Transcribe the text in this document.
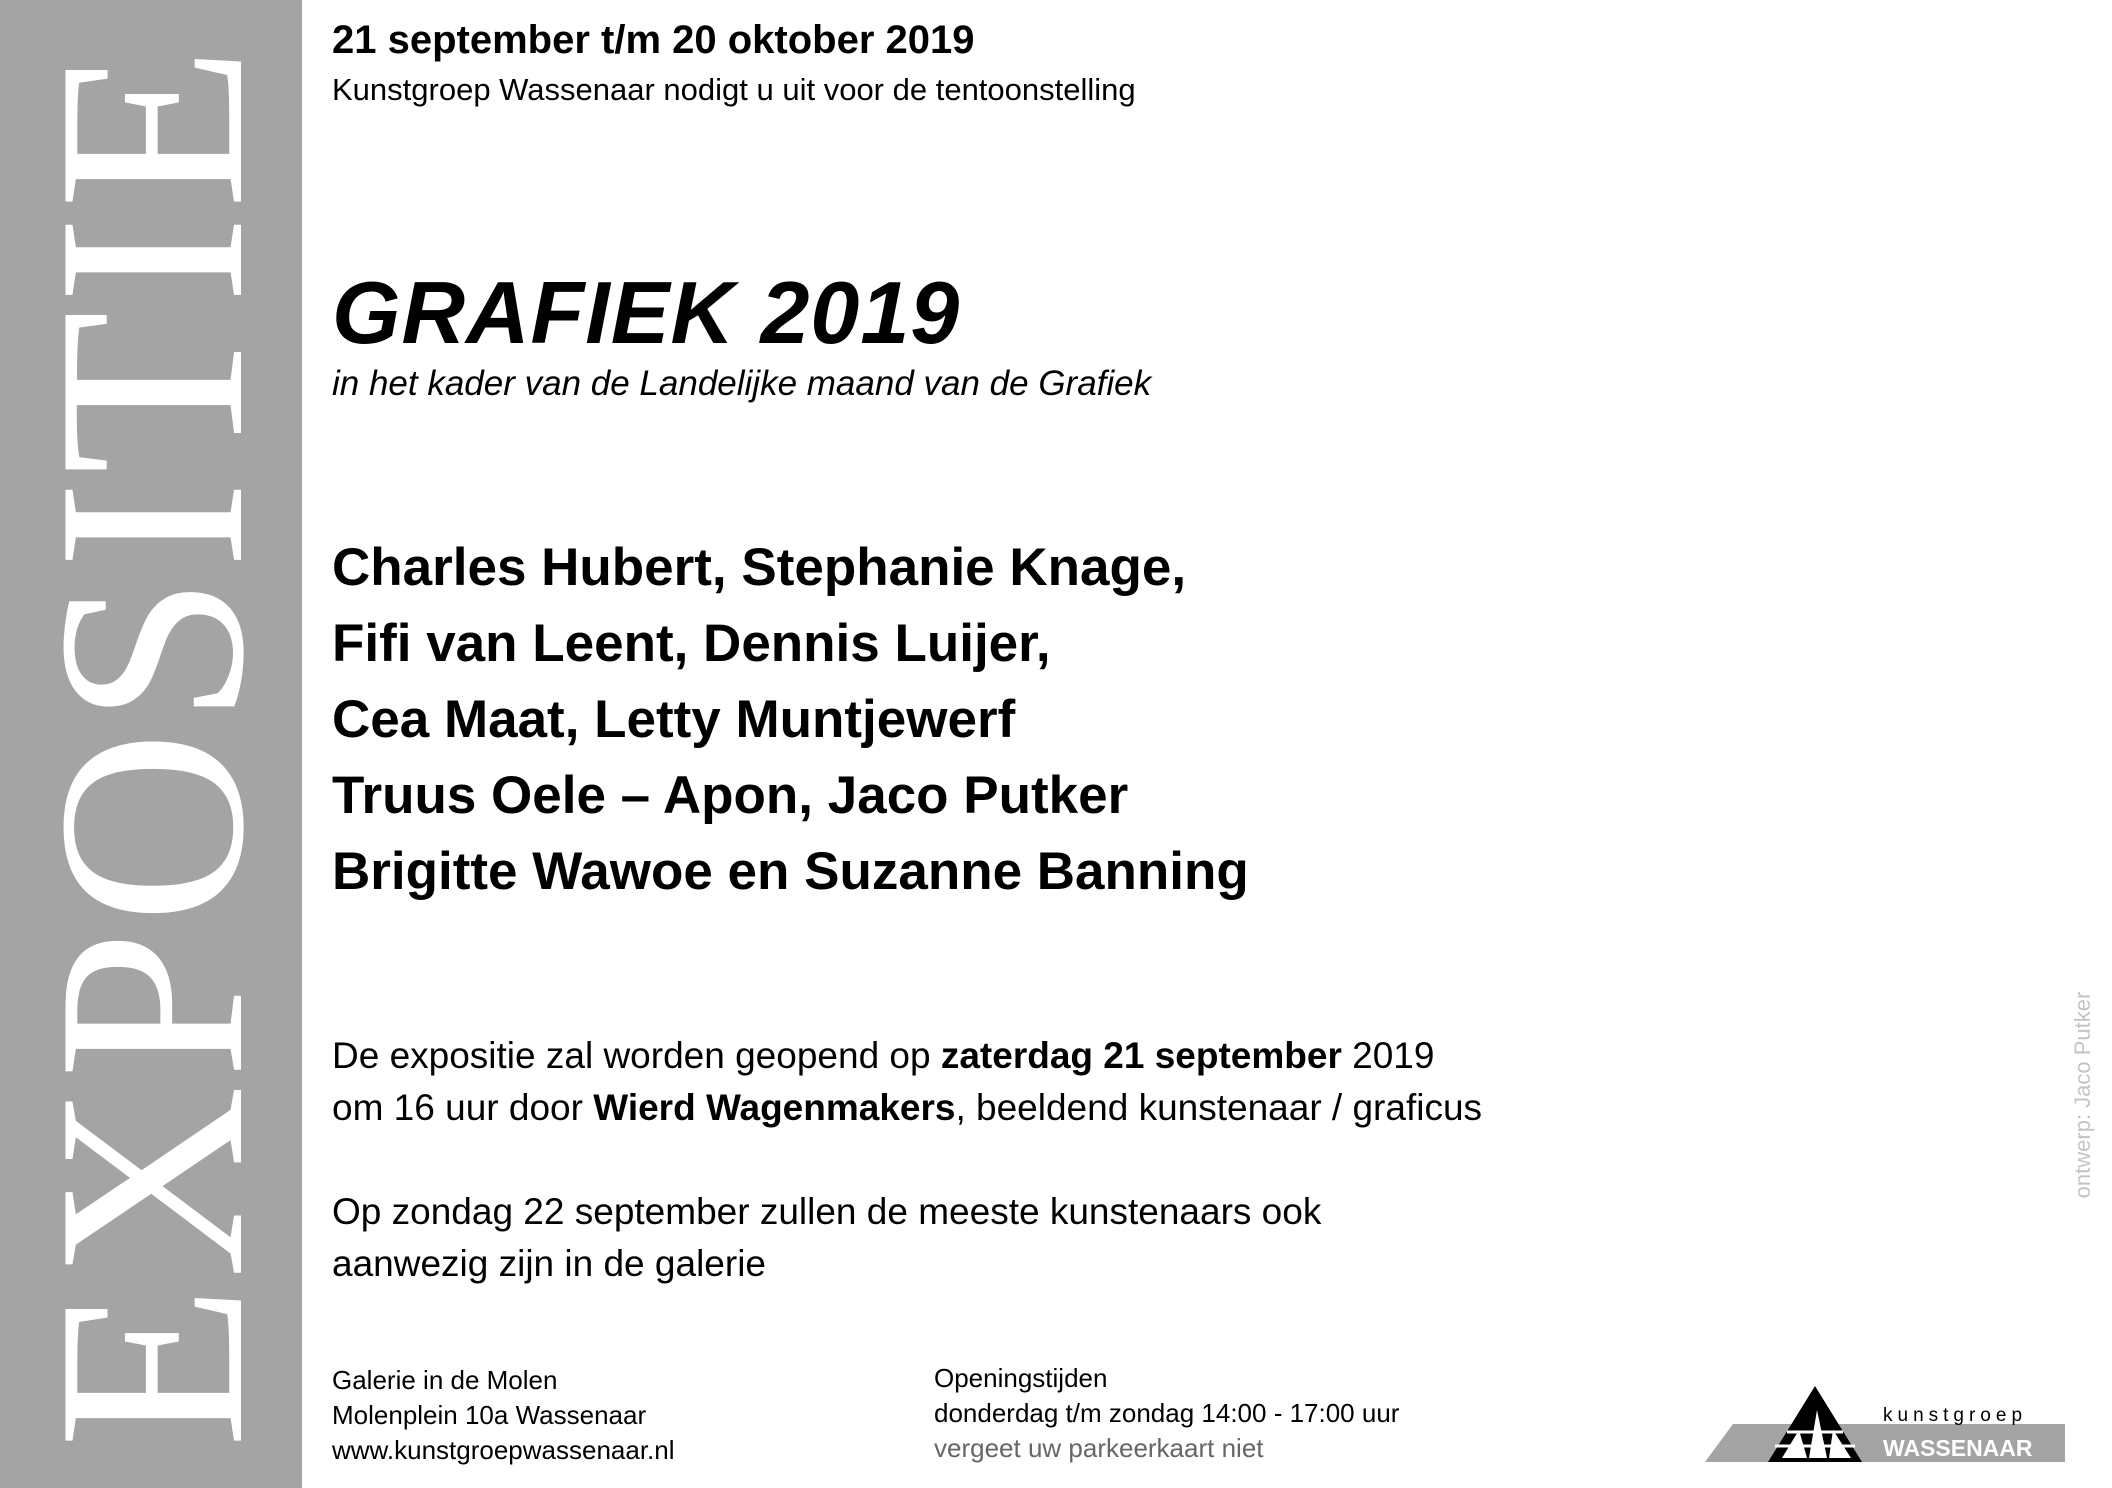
EXPOSITIE 21 september t/m 20 oktober 2019
Kunstgroep Wassenaar nodigt u uit voor de tentoonstelling
GRAFIEK 2019
in het kader van de Landelijke maand van de Grafiek
Charles Hubert, Stephanie Knage,
Fifi van Leent, Dennis Luijer,
Cea Maat, Letty Muntjewerf
Truus Oele – Apon, Jaco Putker
Brigitte Wawoe en Suzanne Banning
De expositie zal worden geopend op zaterdag 21 september 2019
om 16 uur door Wierd Wagenmakers, beeldend kunstenaar / graficus
Op zondag 22 september zullen de meeste kunstenaars ook
aanwezig zijn in de galerie
Galerie in de Molen
Molenplein 10a Wassenaar
www.kunstgroepwassenaar.nl
Openingstijden
donderdag t/m zondag 14:00 - 17:00 uur
vergeet uw parkeerkaart niet
ontwerp: Jaco Putker
kunstgroep
WASSENAAR
